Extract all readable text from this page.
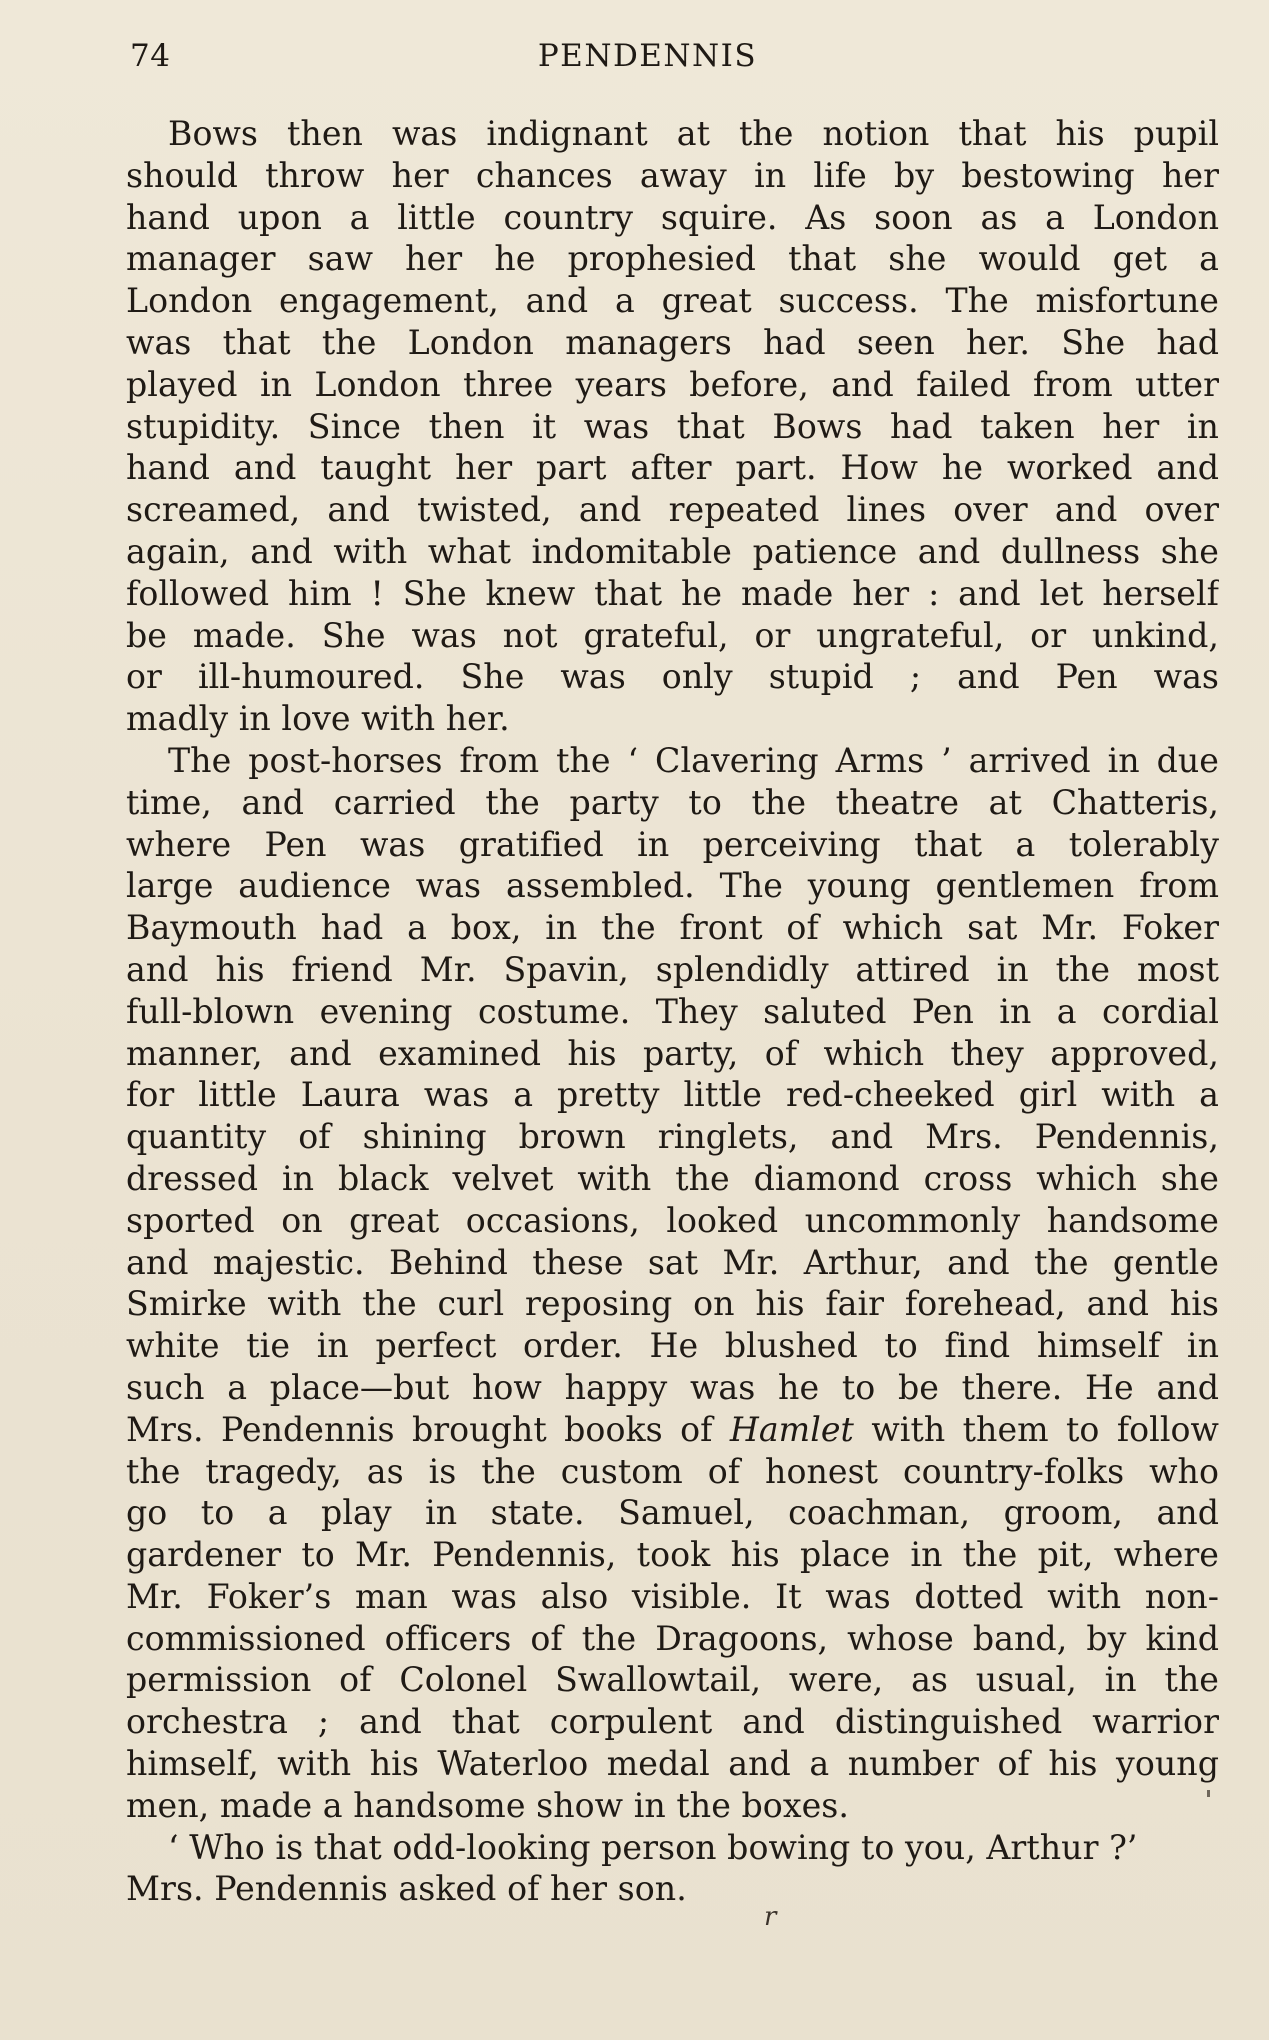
74	PENDENNIS
Bows then was indignant at the notion that his pupil
should throw her chances away in life by bestowing her
hand upon a little country squire. As soon as a London
manager saw her he prophesied that she would get a
London engagement, and a great success. The misfortune
was that the London managers had seen her. She had
played in London three years before, and failed from utter
stupidity. Since then it was that Bows had taken her in
hand and taught her part after part. How he worked and
screamed, and twisted, and repeated lines over and over
again, and with what indomitable patience and dullness she
followed him ! She knew that he made her : and let herself
be made. She was not grateful, or ungrateful, or unkind,
or ill-humoured. She was only stupid ; and Pen was
madly in love with her.
The post-horses from the ‘ Clavering Arms ’ arrived in due
time, and carried the party to the theatre at Chatteris,
where Pen was gratified in perceiving that a tolerably
large audience was assembled. The young gentlemen from
Baymouth had a box, in the front of which sat Mr. Foker
and his friend Mr. Spavin, splendidly attired in the most
full-blown evening costume. They saluted Pen in a cordial
manner, and examined his party, of which they approved,
for little Laura was a pretty little red-cheeked girl with a
quantity of shining brown ringlets, and Mrs. Pendennis,
dressed in black velvet with the diamond cross which she
sported on great occasions, looked uncommonly handsome
and majestic. Behind these sat Mr. Arthur, and the gentle
Smirke with the curl reposing on his fair forehead, and his
white tie in perfect order. He blushed to find himself in
such a place—but how happy was he to be there. He and
Mrs. Pendennis brought books of Hamlet with them to follow
the tragedy, as is the custom of honest country-folks who
go to a play in state. Samuel, coachman, groom, and
gardener to Mr. Pendennis, took his place in the pit, where
Mr. Foker’s man was also visible. It was dotted with non-
commissioned officers of the Dragoons, whose band, by kind
permission of Colonel Swallowtail, were, as usual, in the
orchestra ; and that corpulent and distinguished warrior
himself, with his Waterloo medal and a number of his young
men, made a handsome show in the boxes.
‘ Who is that odd-looking person bowing to you, Arthur ?’
Mrs. Pendennis asked of her son.
r
